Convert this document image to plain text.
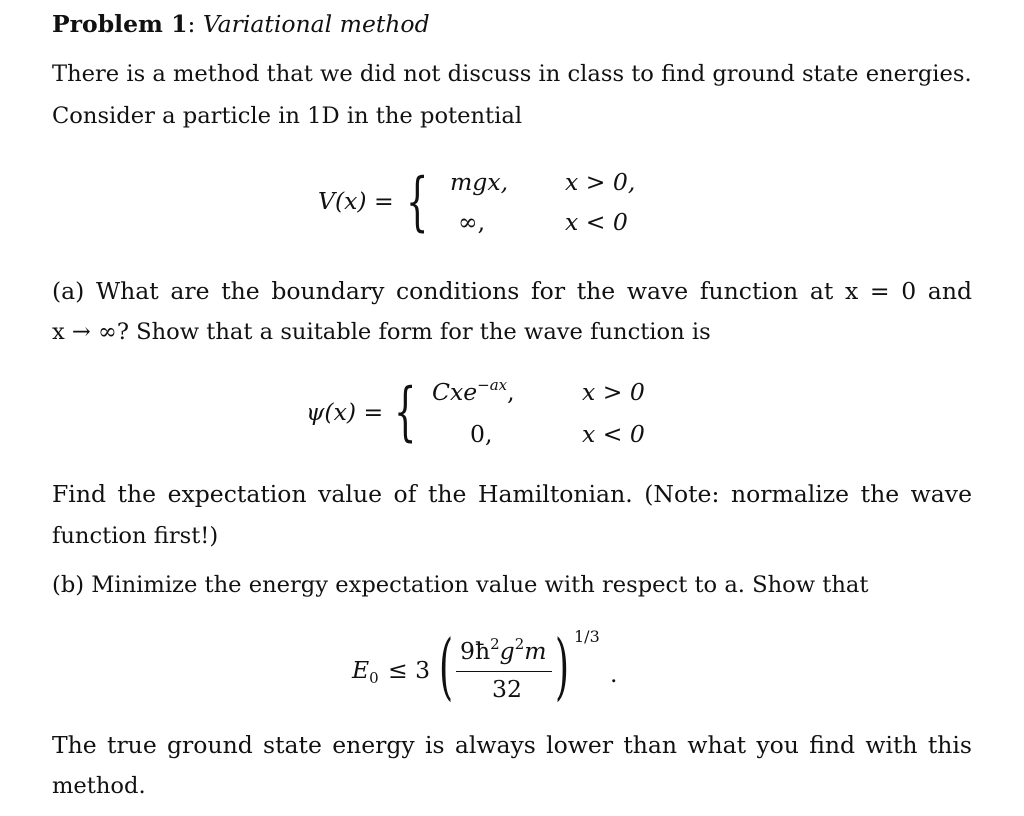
Problem 1: Variational method
There is a method that we did not discuss in class to find ground state energies.
Consider a particle in 1D in the potential
V(x) = { mgx, x > 0,
∞,	x < 0
(a) What are the boundary conditions for the wave function at x = 0 and
x → ∞? Show that a suitable form for the wave function is
ψ(x) = { Cxe$^{-ax}$,	x > 0
0,	x < 0
Find the expectation value of the Hamiltonian. (Note: normalize the wave
function first!)
(b) Minimize the energy expectation value with respect to a. Show that
$E_0 \le 3$ ( $9ħ^2g^2m$
32 ) 1/3
.
The true ground state energy is always lower than what you find with this
method.
